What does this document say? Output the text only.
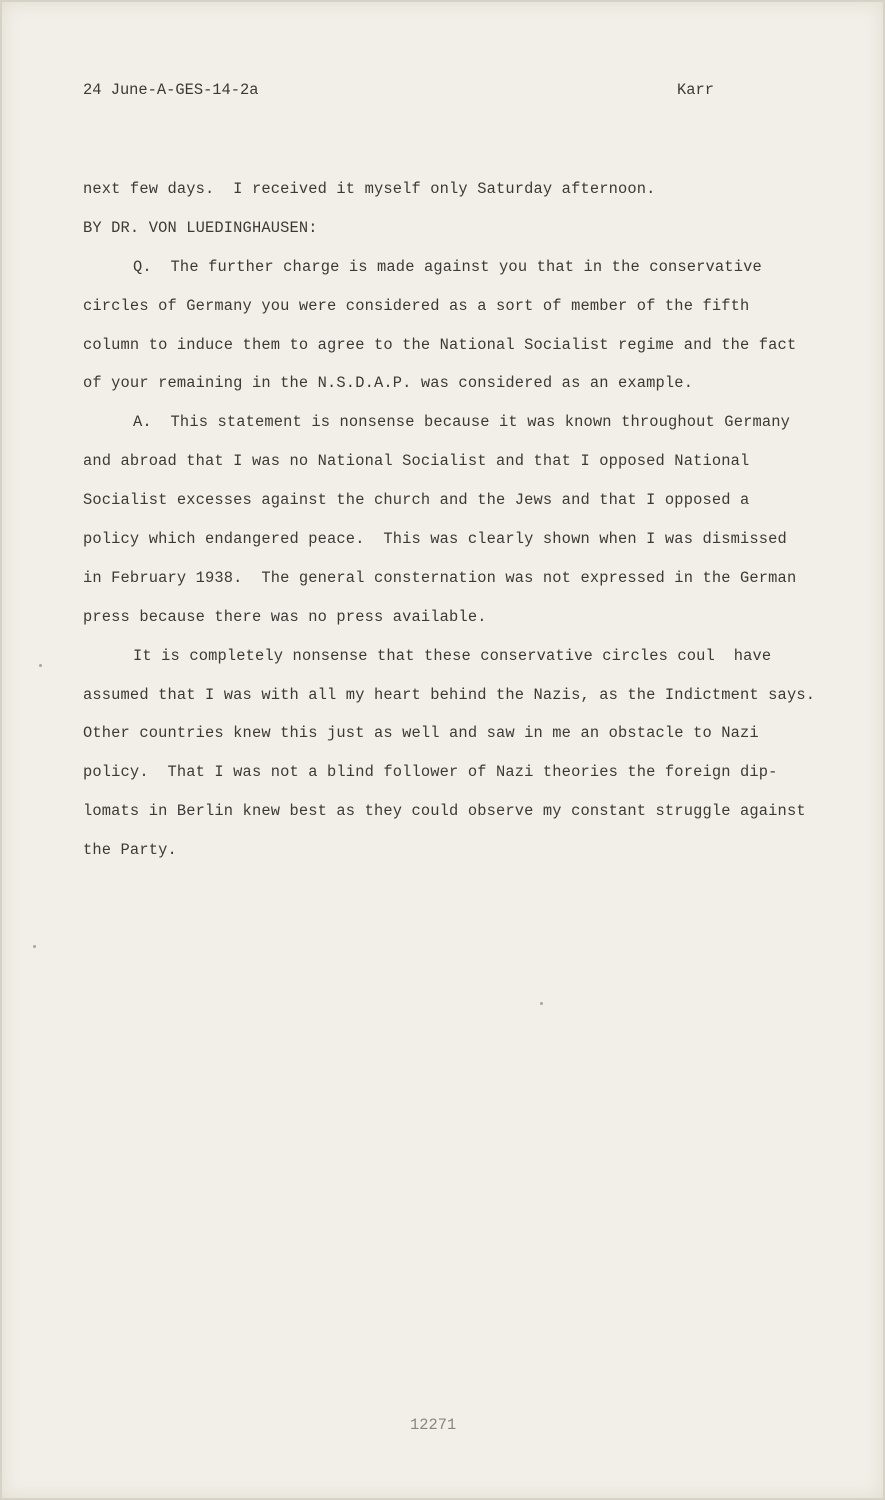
24 June-A-GES-14-2a	Karr
next few days.  I received it myself only Saturday afternoon.
BY DR. VON LUEDINGHAUSEN:
Q.  The further charge is made against you that in the conservative
circles of Germany you were considered as a sort of member of the fifth
column to induce them to agree to the National Socialist regime and the fact
of your remaining in the N.S.D.A.P. was considered as an example.
A.  This statement is nonsense because it was known throughout Germany
and abroad that I was no National Socialist and that I opposed National
Socialist excesses against the church and the Jews and that I opposed a
policy which endangered peace.  This was clearly shown when I was dismissed
in February 1938.  The general consternation was not expressed in the German
press because there was no press available.
It is completely nonsense that these conservative circles coul  have
assumed that I was with all my heart behind the Nazis, as the Indictment says.
Other countries knew this just as well and saw in me an obstacle to Nazi
policy.  That I was not a blind follower of Nazi theories the foreign dip-
lomats in Berlin knew best as they could observe my constant struggle against
the Party.
12271
